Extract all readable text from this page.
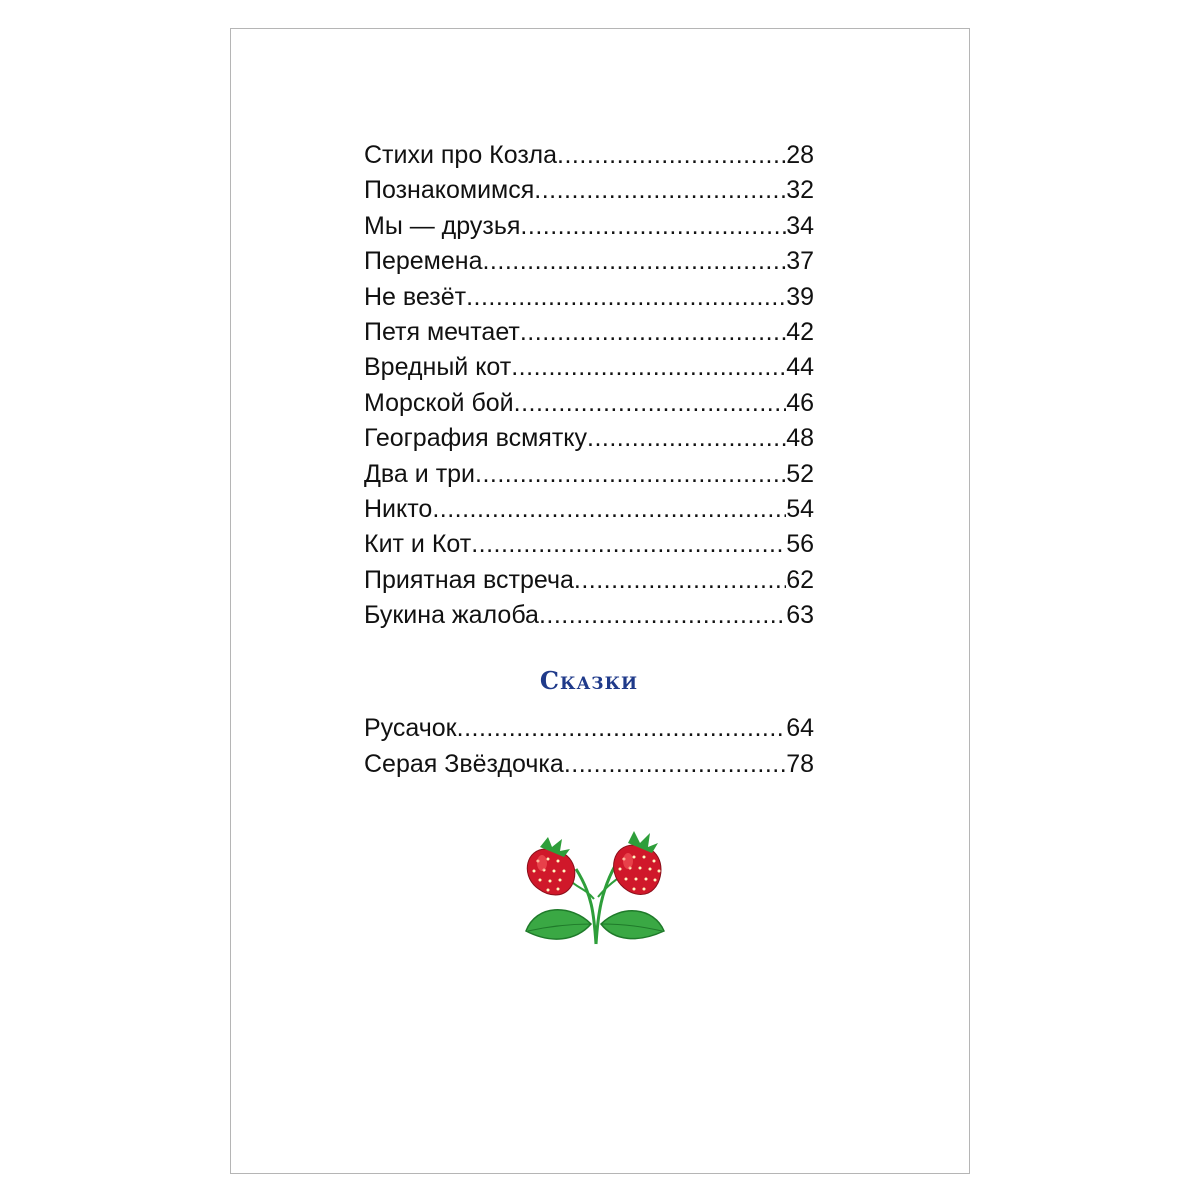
Стихи про Козла .....	28
Познакомимся .....	32
Мы — друзья .....	34
Перемена .....	37
Не везёт .....	39
Петя мечтает .....	42
Вредный кот .....	44
Морской бой .....	46
География всмятку .....	48
Два и три .....	52
Никто .....	54
Кит и Кот .....	56
Приятная встреча .....	62
Букина жалоба .....	63
Сказки
Русачок .....	64
Серая Звёздочка .....	78
